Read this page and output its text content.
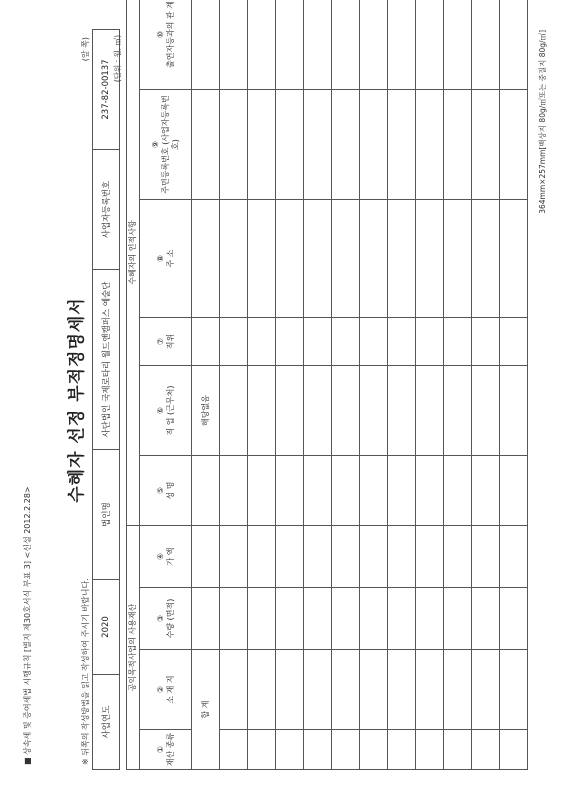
■ 상속세 및 증여세법 시행규칙 [별지 제30호서식 부표 3] <신설 2012.2.28>
수혜자 선정 부적정명세서
※ 뒤쪽의 작성방법을 읽고 작성하여 주시기 바랍니다.
(앞 쪽)
사업연도	2020	법인명	사단법인 국제로타리 월드앤캠퍼스 예술단	사업자등록번호	237-82-00137
(단위 : 원, ㎡)
공익목적사업의 사용재산				수혜자의 인적사항					

① 재산 종류	② 소 재 지	③ 수량 (면적)	④ 가 액	⑤ 성 명	⑥ 직 업 (근무처)	⑦ 직위	⑧ 주 소	⑨ 주민등록번호 (사업자등록번호)	⑩ 출연자등과의 관 계
합 계					해당없음				

364mm×257mm[백상지 80g/㎡또는 중질지 80g/㎡]
